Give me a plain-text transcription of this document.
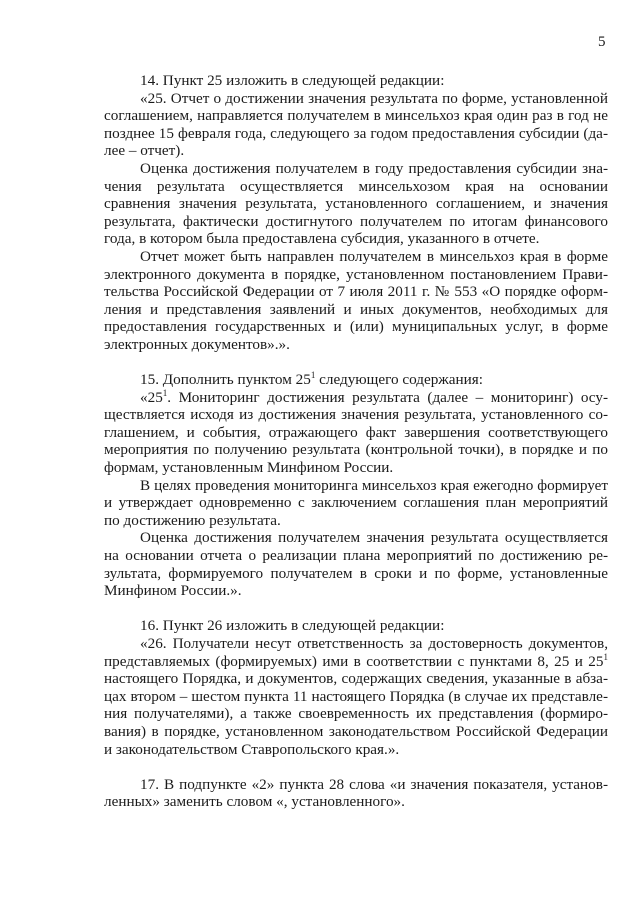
5

14. Пункт 25 изложить в следующей редакции:

«25. Отчет о достижении значения результата по форме, установленной соглашением, направляется получателем в минсельхоз края один раз в год не позднее 15 февраля года, следующего за годом предоставления субсидии (далее – отчет).

Оценка достижения получателем в году предоставления субсидии значения результата осуществляется минсельхозом края на основании сравнения значения результата, установленного соглашением, и значения результата, фактически достигнутого получателем по итогам финансового года, в котором была предоставлена субсидия, указанного в отчете.

Отчет может быть направлен получателем в минсельхоз края в форме электронного документа в порядке, установленном постановлением Правительства Российской Федерации от 7 июля 2011 г. № 553 «О порядке оформления и представления заявлений и иных документов, необходимых для предоставления государственных и (или) муниципальных услуг, в форме электронных документов».».

15. Дополнить пунктом $25^1$ следующего содержания:

«$25^1$. Мониторинг достижения результата (далее – мониторинг) осуществляется исходя из достижения значения результата, установленного соглашением, и события, отражающего факт завершения соответствующего мероприятия по получению результата (контрольной точки), в порядке и по формам, установленным Минфином России.

В целях проведения мониторинга минсельхоз края ежегодно формирует и утверждает одновременно с заключением соглашения план мероприятий по достижению результата.

Оценка достижения получателем значения результата осуществляется на основании отчета о реализации плана мероприятий по достижению результата, формируемого получателем в сроки и по форме, установленные Минфином России.».

16. Пункт 26 изложить в следующей редакции:

«26. Получатели несут ответственность за достоверность документов, представляемых (формируемых) ими в соответствии с пунктами 8, 25 и $25^1$ настоящего Порядка, и документов, содержащих сведения, указанные в абзацах втором – шестом пункта 11 настоящего Порядка (в случае их представления получателями), а также своевременность их представления (формирования) в порядке, установленном законодательством Российской Федерации и законодательством Ставропольского края.».

17. В подпункте «2» пункта 28 слова «и значения показателя, установленных» заменить словом «, установленного».
